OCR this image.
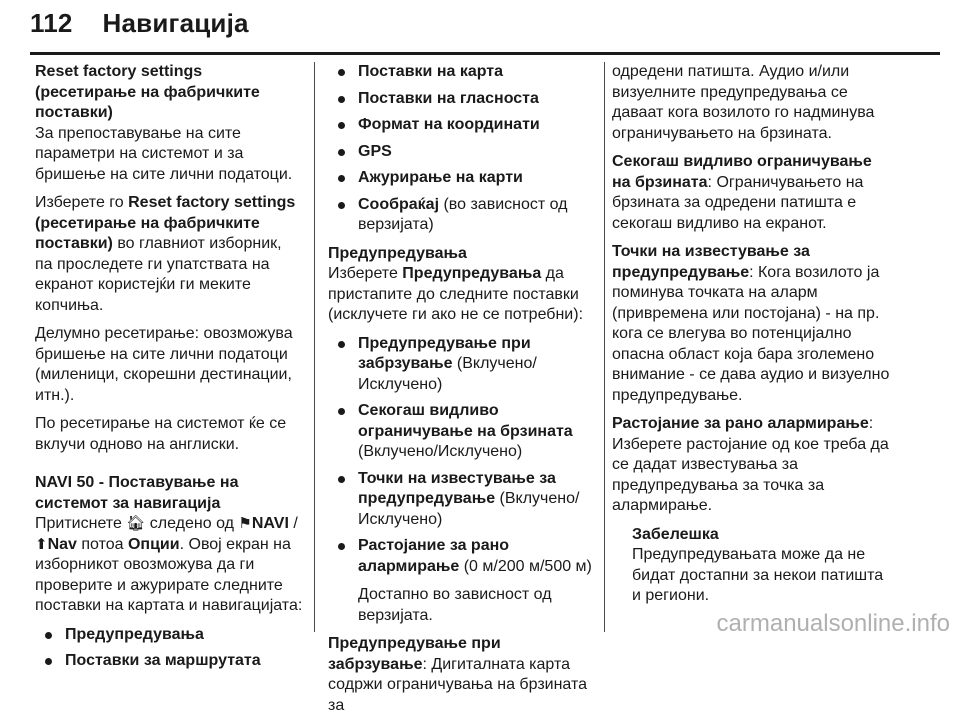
112 Навигација
Reset factory settings (ресетирање на фабричките поставки)

За препоставување на сите параметри на системот и за бришење на сите лични податоци.

Изберете го Reset factory settings (ресетирање на фабричките поставки) во главниот изборник, па проследете ги упатствата на екранот користејќи ги меките копчиња.

Делумно ресетирање: овозможува бришење на сите лични податоци (миленици, скорешни дестинации, итн.).

По ресетирање на системот ќе се вклучи одново на англиски.

NAVI 50 - Поставување на системот за навигација

Притиснете 🏠︎ следено од ⚑NAVI / ⬆︎Nav потоа Опции. Овој екран на изборникот овозможува да ги проверите и ажурирате следните поставки на картата и навигацијата:

Предупредувања
Поставки за маршрутата
Поставки на карта
Поставки на гласноста
Формат на координати
GPS
Ажурирање на карти
Сообраќај (во зависност од верзијата)
Предупредувања

Изберете Предупредувања да пристапите до следните поставки (исклучете ги ако не се потребни):

Предупредување при забрзување (Вклучено/ Исклучено)
Секогаш видливо ограничување на брзината (Вклучено/Исклучено)
Точки на известување за предупредување (Вклучено/ Исклучено)
Растојание за рано алармирање (0 м/200 м/500 м)

Достапно во зависност од верзијата.

Предупредување при забрзување: Дигиталната карта содржи ограничувања на брзината за

одредени патишта. Аудио и/или визуелните предупредувања се даваат кога возилото го надминува ограничувањето на брзината.

Секогаш видливо ограничување на брзината: Ограничувањето на брзината за одредени патишта е секогаш видливо на екранот.

Точки на известување за предупредување: Кога возилото ја поминува точката на аларм (привремена или постојана) - на пр. кога се влегува во потенцијално опасна област која бара зголемено внимание - се дава аудио и визуелно предупредување.

Растојание за рано алармирање: Изберете растојание од кое треба да се дадат известувања за предупредувања за точка за алармирање.

Забелешка
Предупредувањата може да не бидат достапни за некои патишта и региони.
carmanualsonline.info
